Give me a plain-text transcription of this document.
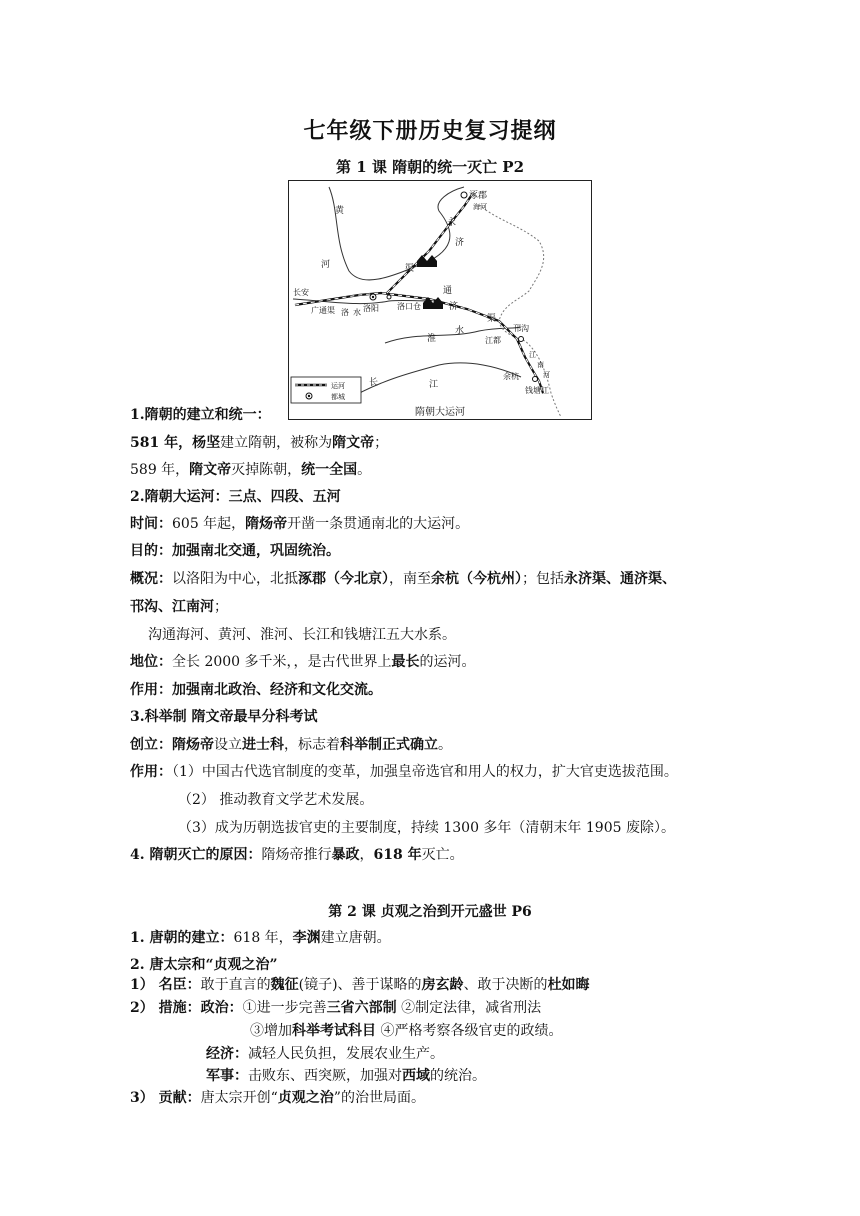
七年级下册历史复习提纲
第 1 课 隋朝的统一灭亡 P2
黄
河
涿郡
永
海河
济
渠
长安
广通渠 洛 水 洛阳 洛口仓
通
济
渠
淮
水	邗沟
江都
江
南
河
余杭
钱塘江
长	江
运河
都城
隋朝大运河
1.隋朝的建立和统一：
581 年，杨坚建立隋朝，被称为隋文帝；
589 年，隋文帝灭掉陈朝，统一全国。
2.隋朝大运河：三点、四段、五河
时间：605 年起，隋炀帝开凿一条贯通南北的大运河。
目的：加强南北交通，巩固统治。
概况：以洛阳为中心，北抵涿郡（今北京），南至余杭（今杭州）；包括永济渠、通济渠、
邗沟、江南河；
沟通海河、黄河、淮河、长江和钱塘江五大水系。
地位：全长 2000 多千米，，是古代世界上最长的运河。
作用：加强南北政治、经济和文化交流。
3.科举制 隋文帝最早分科考试
创立：隋炀帝设立进士科，标志着科举制正式确立。
作用：（1）中国古代选官制度的变革，加强皇帝选官和用人的权力，扩大官吏选拔范围。
（2） 推动教育文学艺术发展。
（3）成为历朝选拔官吏的主要制度，持续 1300 多年（清朝末年 1905 废除）。
4. 隋朝灭亡的原因：隋炀帝推行暴政，618 年灭亡。
第 2 课 贞观之治到开元盛世 P6
1. 唐朝的建立：618 年，李渊建立唐朝。
2. 唐太宗和“贞观之治”
1） 名臣：敢于直言的魏征(镜子)、善于谋略的房玄龄、敢于决断的杜如晦
2） 措施：政治：①进一步完善三省六部制 ②制定法律，减省刑法
③增加科举考试科目 ④严格考察各级官吏的政绩。
经济：减轻人民负担，发展农业生产。
军事：击败东、西突厥，加强对西域的统治。
3） 贡献：唐太宗开创“贞观之治”的治世局面。
